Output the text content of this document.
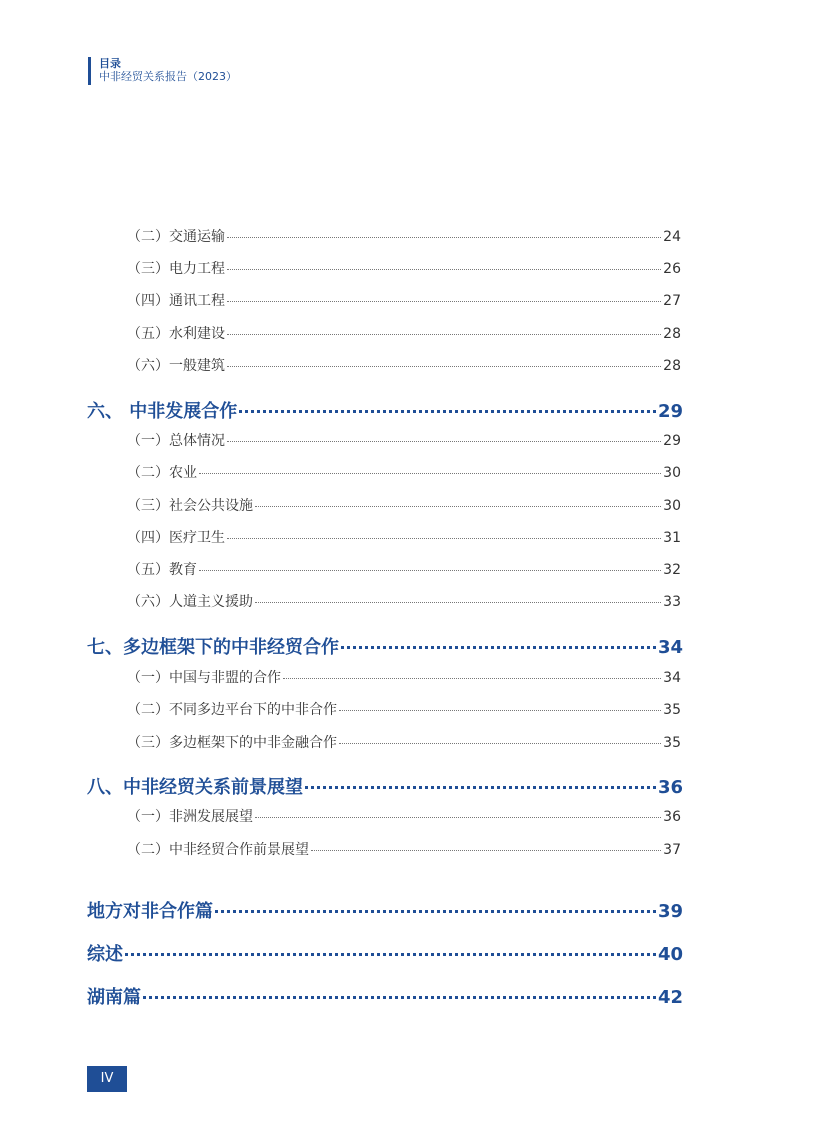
目录
中非经贸关系报告（2023）
（二）交通运输	24
（三）电力工程	26
（四）通讯工程	27
（五）水利建设	28
（六）一般建筑	28
六、 中非发展合作	29
（一）总体情况	29
（二）农业	30
（三）社会公共设施	30
（四）医疗卫生	31
（五）教育	32
（六）人道主义援助	33
七、多边框架下的中非经贸合作	34
（一）中国与非盟的合作	34
（二）不同多边平台下的中非合作	35
（三）多边框架下的中非金融合作	35
八、中非经贸关系前景展望	36
（一）非洲发展展望	36
（二）中非经贸合作前景展望	37
地方对非合作篇	39
综述	40
湖南篇	42
IV
